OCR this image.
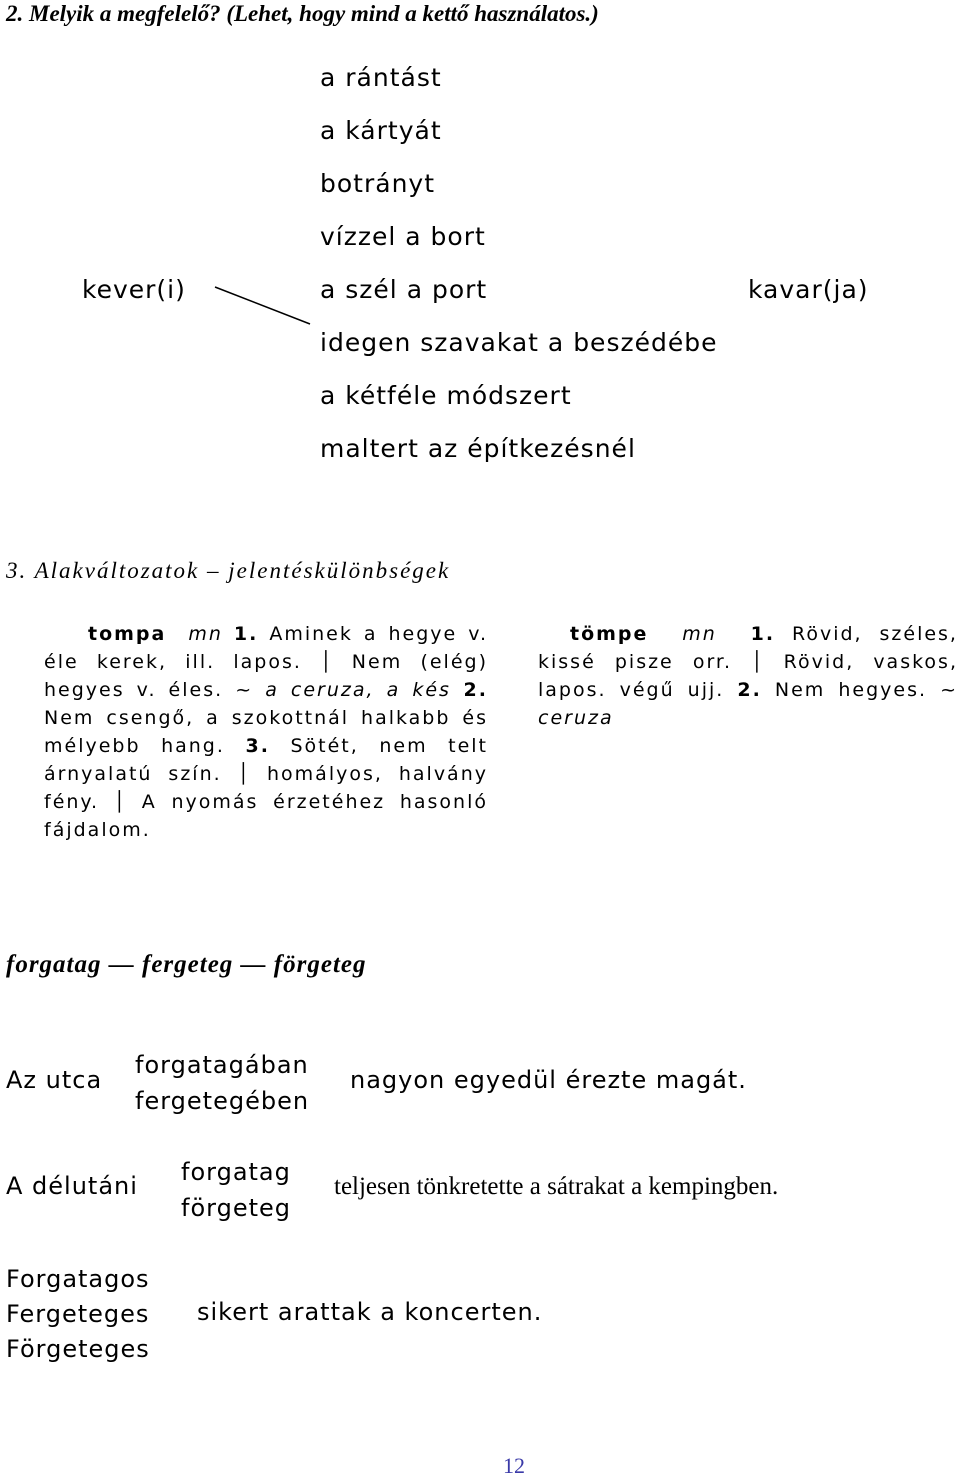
2. Melyik a megfelelő? (Lehet, hogy mind a kettő használatos.)
a rántást
a kártyát
botrányt
vízzel a bort
a szél a port
idegen szavakat a beszédébe
a kétféle módszert
maltert az építkezésnél
kever(i)	kavar(ja)
3. Alakváltozatok – jelentéskülönbségek
tompa mn 1. Aminek a hegye v. éle kerek, ill. lapos. │ Nem (elég) hegyes v. éles. ~ a ceruza, a kés 2. Nem csengő, a szokottnál halkabb és mélyebb hang. 3. Sötét, nem telt árnyalatú szín. │ homályos, halvány fény. │ A nyomás érzetéhez hasonló fájdalom.
tömpe mn 1. Rövid, széles, kissé pisze orr. │ Rövid, vaskos, lapos. végű ujj. 2. Nem hegyes. ~ ceruza
forgatag — fergeteg — förgeteg
Az utca
forgatagában
fergetegében
nagyon egyedül érezte magát.
A délutáni forgatag
förgeteg
teljesen tönkretette a sátrakat a kempingben.
Forgatagos
Fergeteges
Förgeteges
sikert arattak a koncerten.
12
